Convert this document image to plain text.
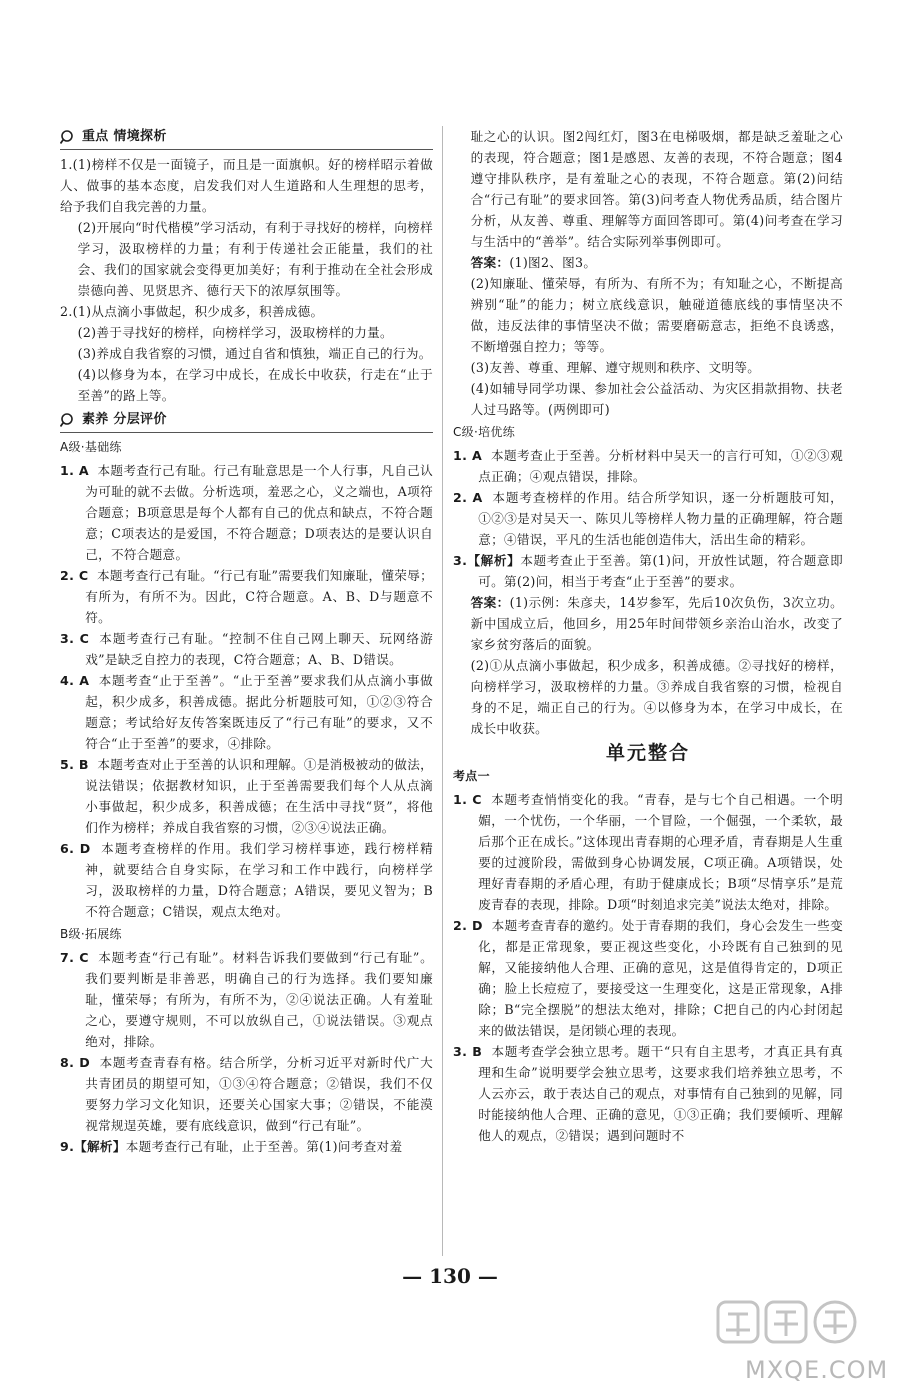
重点 情境探析

1.(1)榜样不仅是一面镜子，而且是一面旗帜。好的榜样昭示着做人、做事的基本态度，启发我们对人生道路和人生理想的思考，给予我们自我完善的力量。

(2)开展向“时代楷模”学习活动，有利于寻找好的榜样，向榜样学习，汲取榜样的力量；有利于传递社会正能量，我们的社会、我们的国家就会变得更加美好；有利于推动在全社会形成崇德向善、见贤思齐、德行天下的浓厚氛围等。

2.(1)从点滴小事做起，积少成多，积善成德。

(2)善于寻找好的榜样，向榜样学习，汲取榜样的力量。

(3)养成自我省察的习惯，通过自省和慎独，端正自己的行为。

(4)以修身为本，在学习中成长，在成长中收获，行走在“止于至善”的路上等。

素养 分层评价
A级·基础练

1. A 本题考查行己有耻。行己有耻意思是一个人行事，凡自己认为可耻的就不去做。分析选项，羞恶之心，义之端也，A项符合题意；B项意思是每个人都有自己的优点和缺点，不符合题意；C项表达的是爱国，不符合题意；D项表达的是要认识自己，不符合题意。

2. C 本题考查行己有耻。“行己有耻”需要我们知廉耻，懂荣辱；有所为，有所不为。因此，C符合题意。A、B、D与题意不符。

3. C 本题考查行己有耻。“控制不住自己网上聊天、玩网络游戏”是缺乏自控力的表现，C符合题意；A、B、D错误。

4. A 本题考查“止于至善”。“止于至善”要求我们从点滴小事做起，积少成多，积善成德。据此分析题肢可知，①②③符合题意；考试给好友传答案既违反了“行己有耻”的要求，又不符合“止于至善”的要求，④排除。

5. B 本题考查对止于至善的认识和理解。①是消极被动的做法，说法错误；依据教材知识，止于至善需要我们每个人从点滴小事做起，积少成多，积善成德；在生活中寻找“贤”，将他们作为榜样；养成自我省察的习惯，②③④说法正确。

6. D 本题考查榜样的作用。我们学习榜样事迹，践行榜样精神，就要结合自身实际，在学习和工作中践行，向榜样学习，汲取榜样的力量，D符合题意；A错误，要见义智为；B不符合题意；C错误，观点太绝对。

B级·拓展练

7. C 本题考查“行己有耻”。材料告诉我们要做到“行己有耻”。我们要判断是非善恶，明确自己的行为选择。我们要知廉耻，懂荣辱；有所为，有所不为，②④说法正确。人有羞耻之心，要遵守规则，不可以放纵自己，①说法错误。③观点绝对，排除。

8. D 本题考查青春有格。结合所学，分析习近平对新时代广大共青团员的期望可知，①③④符合题意；②错误，我们不仅要努力学习文化知识，还要关心国家大事；②错误，不能漠视常规逞英雄，要有底线意识，做到“行己有耻”。

9.【解析】本题考查行己有耻，止于至善。第(1)问考查对羞

耻之心的认识。图2闯红灯，图3在电梯吸烟，都是缺乏羞耻之心的表现，符合题意；图1是感恩、友善的表现，不符合题意；图4遵守排队秩序，是有羞耻之心的表现，不符合题意。第(2)问结合“行己有耻”的要求回答。第(3)问考查人物优秀品质，结合图片分析，从友善、尊重、理解等方面回答即可。第(4)问考查在学习与生活中的“善举”。结合实际列举事例即可。

答案：(1)图2、图3。

(2)知廉耻、懂荣辱，有所为、有所不为；有知耻之心，不断提高辨别“耻”的能力；树立底线意识，触碰道德底线的事情坚决不做，违反法律的事情坚决不做；需要磨砺意志，拒绝不良诱惑，不断增强自控力；等等。

(3)友善、尊重、理解、遵守规则和秩序、文明等。

(4)如辅导同学功课、参加社会公益活动、为灾区捐款捐物、扶老人过马路等。(两例即可)

C级·培优练

1. A 本题考查止于至善。分析材料中吴天一的言行可知，①②③观点正确；④观点错误，排除。

2. A 本题考查榜样的作用。结合所学知识，逐一分析题肢可知，①②③是对吴天一、陈贝儿等榜样人物力量的正确理解，符合题意；④错误，平凡的生活也能创造伟大，活出生命的精彩。

3.【解析】本题考查止于至善。第(1)问，开放性试题，符合题意即可。第(2)问，相当于考查“止于至善”的要求。

答案：(1)示例：朱彦夫，14岁参军，先后10次负伤，3次立功。新中国成立后，他回乡，用25年时间带领乡亲治山治水，改变了家乡贫穷落后的面貌。

(2)①从点滴小事做起，积少成多，积善成德。②寻找好的榜样，向榜样学习，汲取榜样的力量。③养成自我省察的习惯，检视自身的不足，端正自己的行为。④以修身为本，在学习中成长，在成长中收获。

单元整合
考点一

1. C 本题考查悄悄变化的我。“青春，是与七个自己相遇。一个明媚，一个忧伤，一个华丽，一个冒险，一个倔强，一个柔软，最后那个正在成长。”这体现出青春期的心理矛盾，青春期是人生重要的过渡阶段，需做到身心协调发展，C项正确。A项错误，处理好青春期的矛盾心理，有助于健康成长；B项“尽情享乐”是荒废青春的表现，排除。D项“时刻追求完美”说法太绝对，排除。

2. D 本题考查青春的邀约。处于青春期的我们，身心会发生一些变化，都是正常现象，要正视这些变化，小玲既有自己独到的见解，又能接纳他人合理、正确的意见，这是值得肯定的，D项正确；脸上长痘痘了，要接受这一生理变化，这是正常现象，A排除；B“完全摆脱”的想法太绝对，排除；C把自己的内心封闭起来的做法错误，是闭锁心理的表现。

3. B 本题考查学会独立思考。题干“只有自主思考，才真正具有真理和生命”说明要学会独立思考，这要求我们培养独立思考，不人云亦云，敢于表达自己的观点，对事情有自己独到的见解，同时能接纳他人合理、正确的意见，①③正确；我们要倾听、理解他人的观点，②错误；遇到问题时不

— 130 —
MXQE.COM
